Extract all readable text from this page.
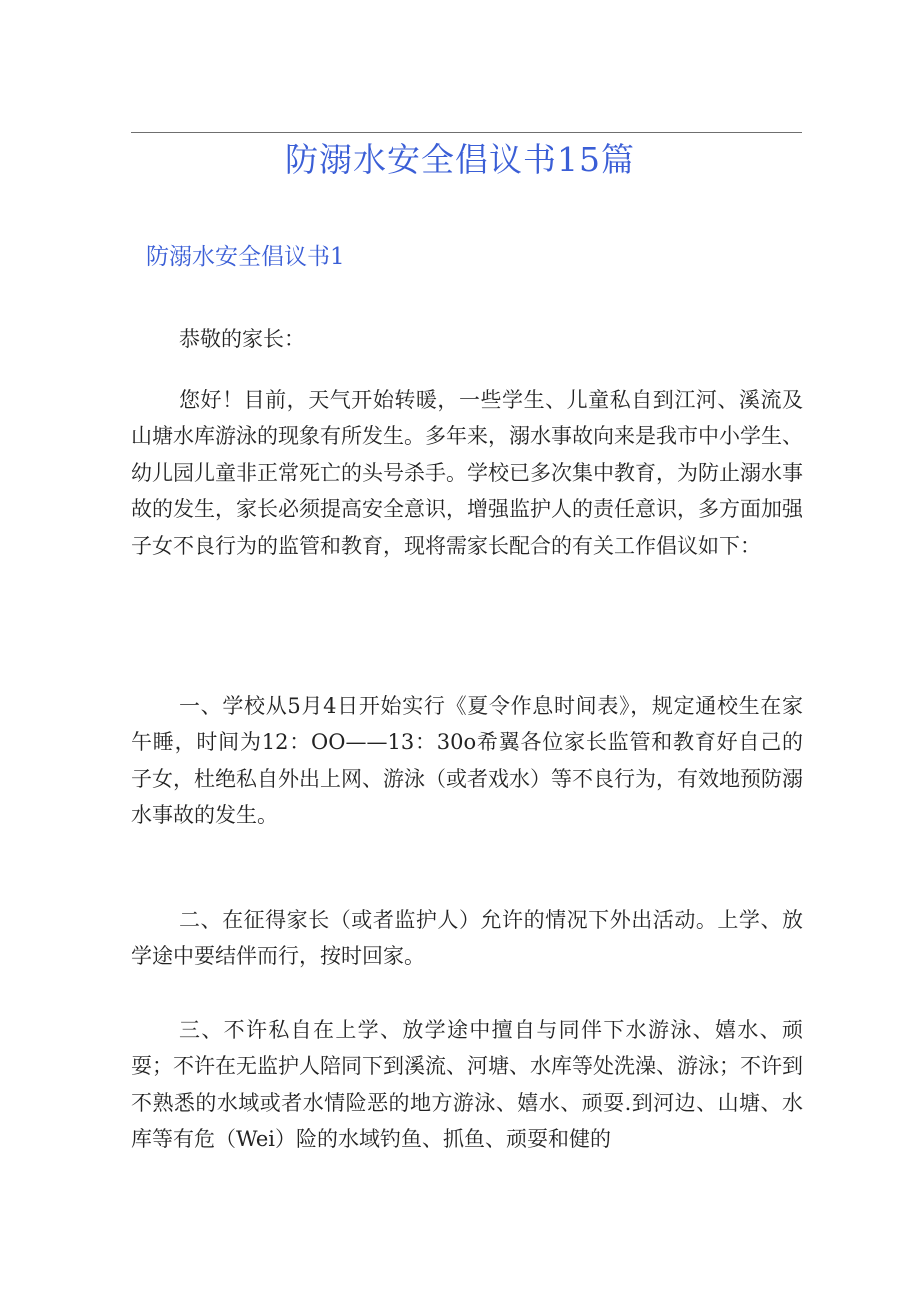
防溺水安全倡议书15篇
防溺水安全倡议书1

恭敬的家长：

您好！目前，天气开始转暖，一些学生、儿童私自到江河、溪流及山塘水库游泳的现象有所发生。多年来，溺水事故向来是我市中小学生、幼儿园儿童非正常死亡的头号杀手。学校已多次集中教育，为防止溺水事故的发生，家长必须提高安全意识，增强监护人的责任意识，多方面加强子女不良行为的监管和教育，现将需家长配合的有关工作倡议如下：

一、学校从5月4日开始实行《夏令作息时间表》，规定通校生在家午睡，时间为12：OO——13：30o希翼各位家长监管和教育好自己的子女，杜绝私自外出上网、游泳（或者戏水）等不良行为，有效地预防溺水事故的发生。

二、在征得家长（或者监护人）允许的情况下外出活动。上学、放学途中要结伴而行，按时回家。

三、不许私自在上学、放学途中擅自与同伴下水游泳、嬉水、顽耍；不许在无监护人陪同下到溪流、河塘、水库等处洗澡、游泳；不许到不熟悉的水域或者水情险恶的地方游泳、嬉水、顽耍.到河边、山塘、水库等有危（Wei）险的水域钓鱼、抓鱼、顽耍和健的
